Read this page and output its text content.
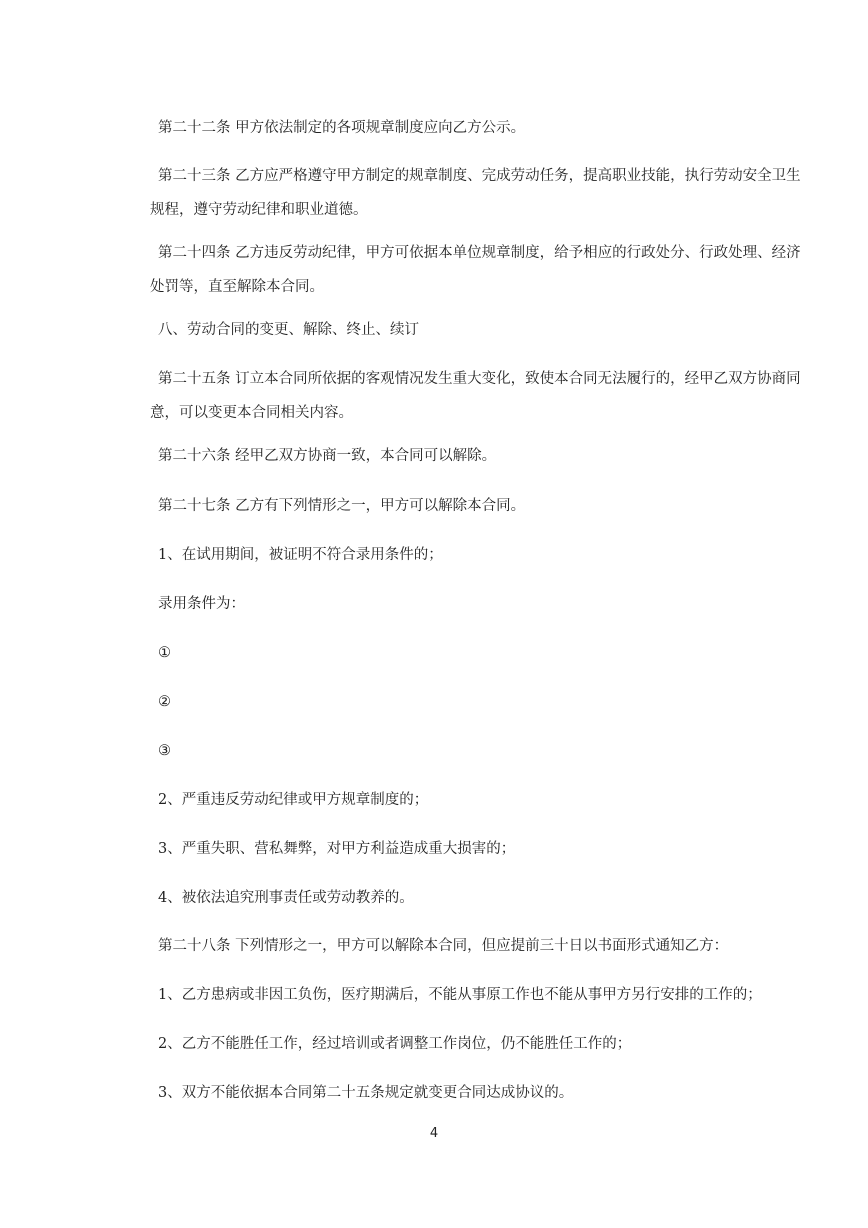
第二十二条 甲方依法制定的各项规章制度应向乙方公示。

第二十三条 乙方应严格遵守甲方制定的规章制度、完成劳动任务，提高职业技能，执行劳动安全卫生
规程，遵守劳动纪律和职业道德。
第二十四条 乙方违反劳动纪律，甲方可依据本单位规章制度，给予相应的行政处分、行政处理、经济
处罚等，直至解除本合同。

八、劳动合同的变更、解除、终止、续订

第二十五条 订立本合同所依据的客观情况发生重大变化，致使本合同无法履行的，经甲乙双方协商同
意，可以变更本合同相关内容。

第二十六条 经甲乙双方协商一致，本合同可以解除。

第二十七条 乙方有下列情形之一，甲方可以解除本合同。

1、在试用期间，被证明不符合录用条件的；

录用条件为：

①

②

③

2、严重违反劳动纪律或甲方规章制度的；

3、严重失职、营私舞弊，对甲方利益造成重大损害的；

4、被依法追究刑事责任或劳动教养的。

第二十八条 下列情形之一，甲方可以解除本合同，但应提前三十日以书面形式通知乙方：

1、乙方患病或非因工负伤，医疗期满后，不能从事原工作也不能从事甲方另行安排的工作的；

2、乙方不能胜任工作，经过培训或者调整工作岗位，仍不能胜任工作的；

3、双方不能依据本合同第二十五条规定就变更合同达成协议的。

4
